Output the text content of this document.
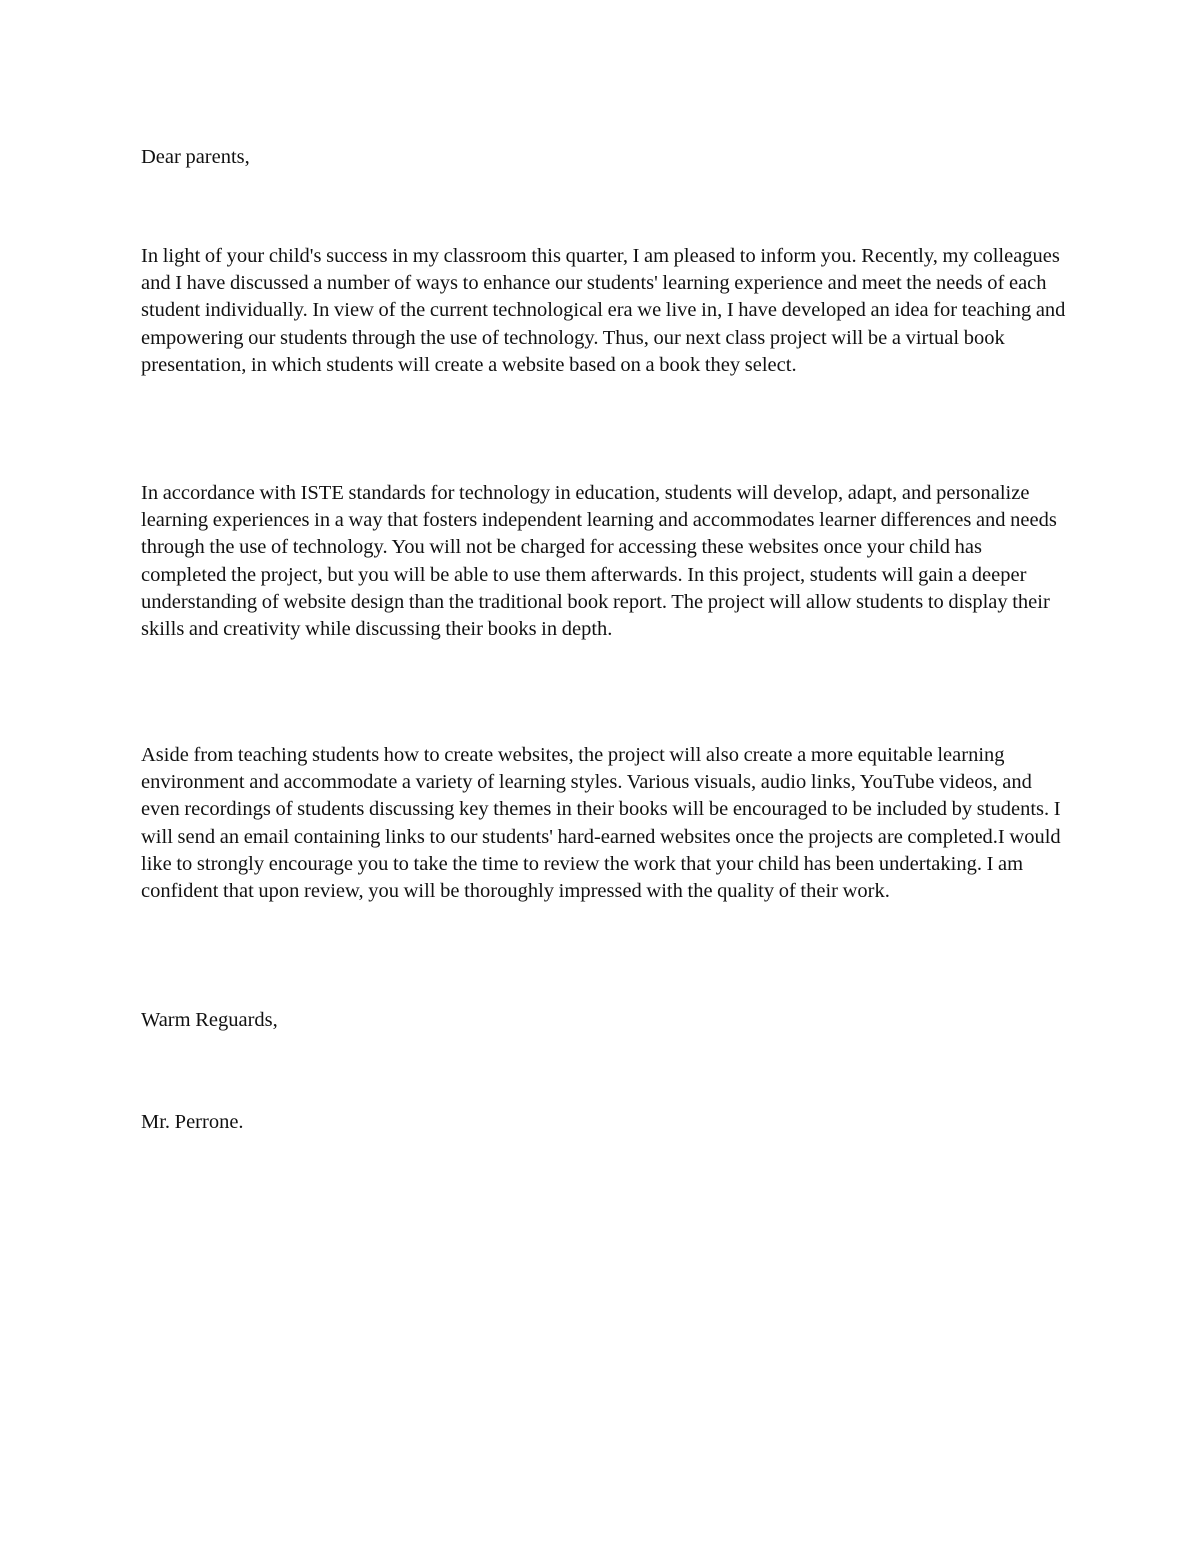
Dear parents,

In light of your child's success in my classroom this quarter, I am pleased to inform you. Recently, my colleagues and I have discussed a number of ways to enhance our students' learning experience and meet the needs of each student individually. In view of the current technological era we live in, I have developed an idea for teaching and empowering our students through the use of technology. Thus, our next class project will be a virtual book presentation, in which students will create a website based on a book they select.

In accordance with ISTE standards for technology in education, students will develop, adapt, and personalize learning experiences in a way that fosters independent learning and accommodates learner differences and needs through the use of technology. You will not be charged for accessing these websites once your child has completed the project, but you will be able to use them afterwards. In this project, students will gain a deeper understanding of website design than the traditional book report. The project will allow students to display their skills and creativity while discussing their books in depth.

Aside from teaching students how to create websites, the project will also create a more equitable learning environment and accommodate a variety of learning styles. Various visuals, audio links, YouTube videos, and even recordings of students discussing key themes in their books will be encouraged to be included by students. I will send an email containing links to our students' hard-earned websites once the projects are completed.I would like to strongly encourage you to take the time to review the work that your child has been undertaking. I am confident that upon review, you will be thoroughly impressed with the quality of their work.

Warm Reguards,

Mr. Perrone.
